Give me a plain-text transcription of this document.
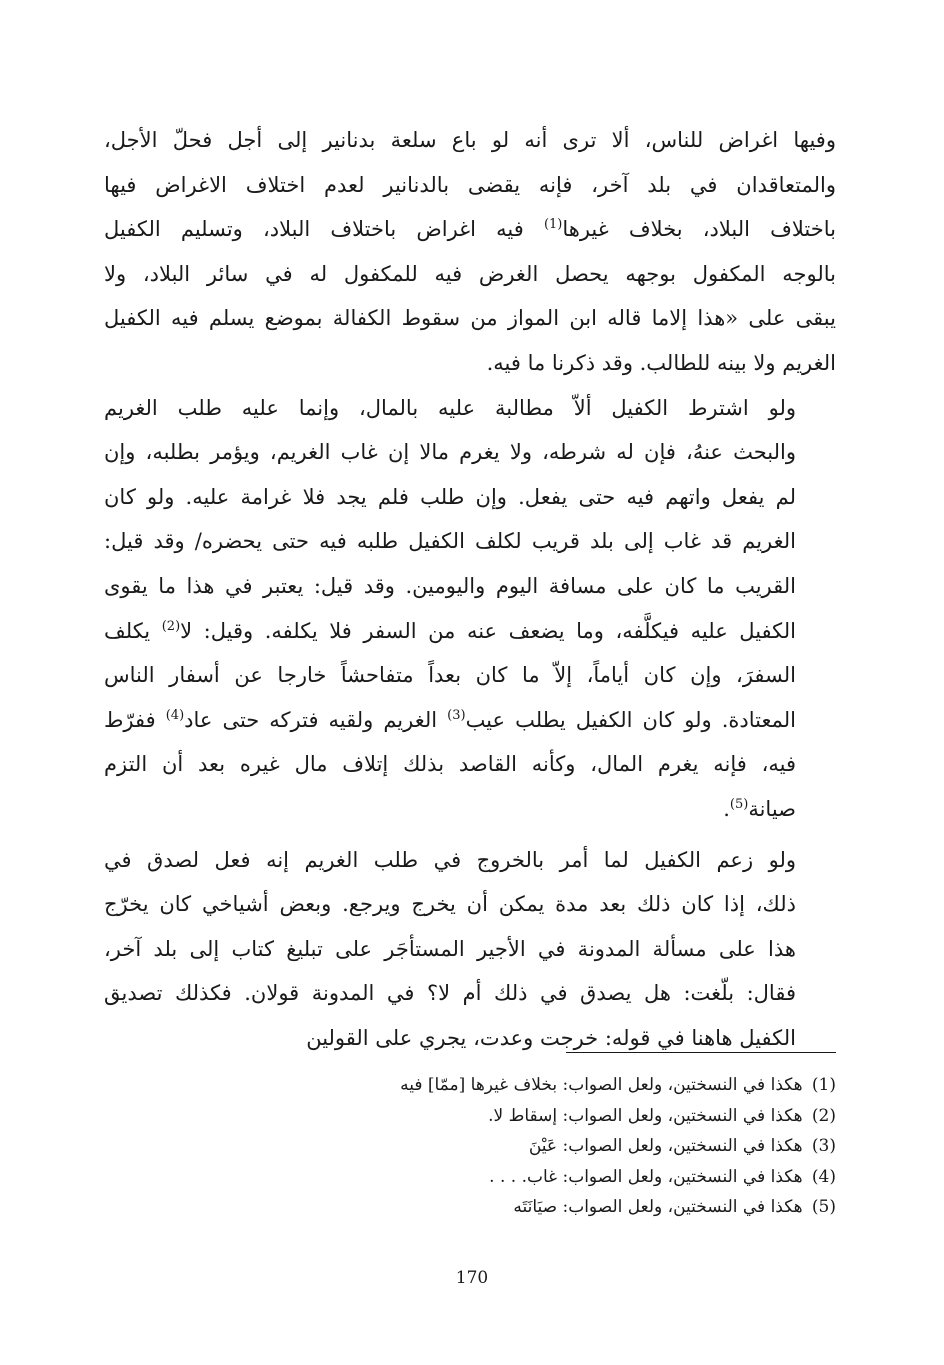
وفيها اغراض للناس، ألا ترى أنه لو باع سلعة بدنانير إلى أجل فحلّ الأجل،
والمتعاقدان في بلد آخر، فإنه يقضى بالدنانير لعدم اختلاف الاغراض فيها
باختلاف البلاد، بخلاف غيرها$^{(1)}$ فيه اغراض باختلاف البلاد، وتسليم الكفيل
بالوجه المكفول بوجهه يحصل الغرض فيه للمكفول له في سائر البلاد، ولا
يبقى على «هذا إلاما قاله ابن المواز من سقوط الكفالة بموضع يسلم فيه الكفيل
الغريم ولا بينه للطالب. وقد ذكرنا ما فيه.

ولو اشترط الكفيل ألاّ مطالبة عليه بالمال، وإنما عليه طلب الغريم
والبحث عنهُ، فإن له شرطه، ولا يغرم مالا إن غاب الغريم، ويؤمر بطلبه، وإن
لم يفعل واتهم فيه حتى يفعل. وإن طلب فلم يجد فلا غرامة عليه. ولو كان
الغريم قد غاب إلى بلد قريب لكلف الكفيل طلبه فيه حتى يحضره/ وقد قيل:
القريب ما كان على مسافة اليوم واليومين. وقد قيل: يعتبر في هذا ما يقوى
الكفيل عليه فيكلَّفه، وما يضعف عنه من السفر فلا يكلفه. وقيل: لا$^{(2)}$ يكلف
السفرَ، وإن كان أياماً، إلاّ ما كان بعداً متفاحشاً خارجا عن أسفار الناس
المعتادة. ولو كان الكفيل يطلب عيب$^{(3)}$ الغريم ولقيه فتركه حتى عاد$^{(4)}$ ففرّط
فيه، فإنه يغرم المال، وكأنه القاصد بذلك إتلاف مال غيره بعد أن التزم
صيانة$^{(5)}$.

ولو زعم الكفيل لما أمر بالخروج في طلب الغريم إنه فعل لصدق في
ذلك، إذا كان ذلك بعد مدة يمكن أن يخرج ويرجع. وبعض أشياخي كان يخرّج
هذا على مسألة المدونة في الأجير المستأجَر على تبليغ كتاب إلى بلد آخر،
فقال: بلّغت: هل يصدق في ذلك أم لا؟ في المدونة قولان. فكذلك تصديق
الكفيل هاهنا في قوله: خرجت وعدت، يجري على القولين

(1) هكذا في النسختين، ولعل الصواب: بخلاف غيرها [ممّا] فيه
(2) هكذا في النسختين، ولعل الصواب: إسقاط لا.
(3) هكذا في النسختين، ولعل الصواب: عَيْنَ
(4) هكذا في النسختين، ولعل الصواب: غاب. . . .
(5) هكذا في النسختين، ولعل الصواب: صيَانَتَه
170
